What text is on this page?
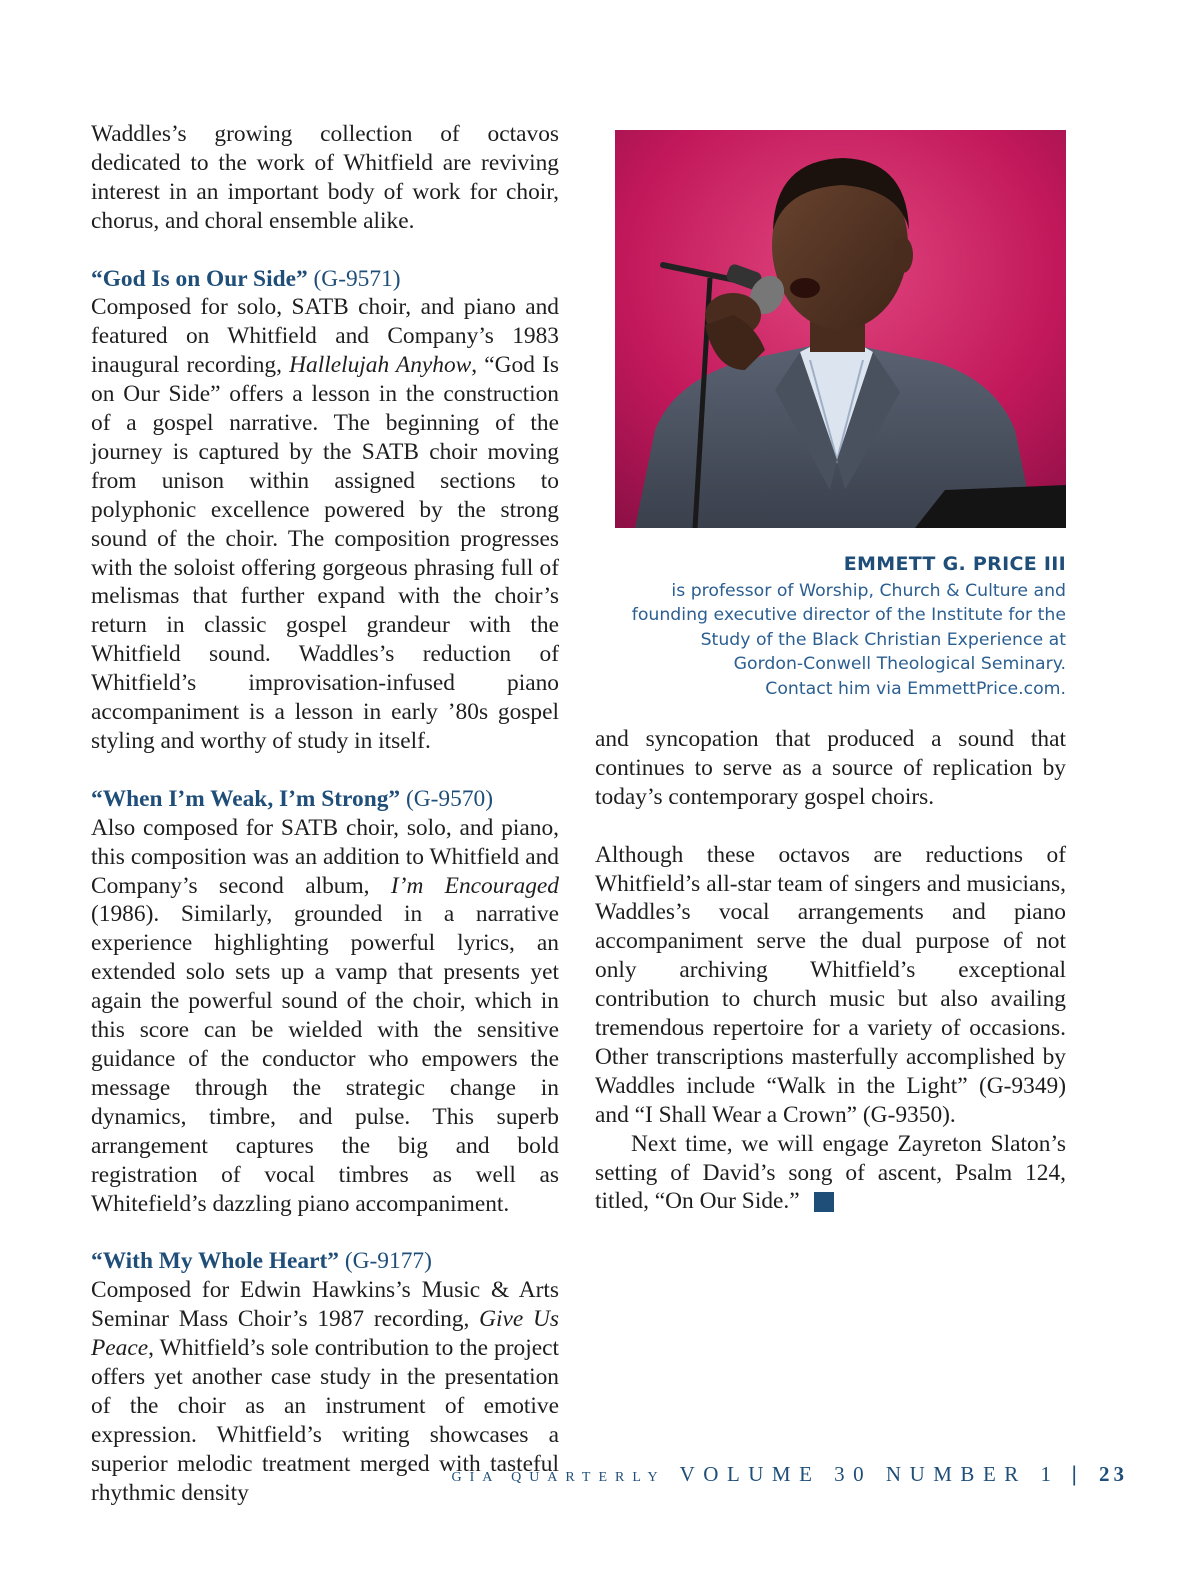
Waddles’s growing collection of octavos dedicated to the work of Whitfield are reviving interest in an important body of work for choir, chorus, and choral ensemble alike.

“God Is on Our Side” (G-9571)

Composed for solo, SATB choir, and piano and featured on Whitfield and Company’s 1983 inaugural recording, Hallelujah Anyhow, “God Is on Our Side” offers a lesson in the construction of a gospel narrative. The beginning of the journey is captured by the SATB choir moving from unison within assigned sections to polyphonic excellence powered by the strong sound of the choir. The composition progresses with the soloist offering gorgeous phrasing full of melismas that further expand with the choir’s return in classic gospel grandeur with the Whitfield sound. Waddles’s reduction of Whitfield’s improvisation-infused piano accompaniment is a lesson in early ’80s gospel styling and worthy of study in itself.

“When I’m Weak, I’m Strong” (G-9570)

Also composed for SATB choir, solo, and piano, this composition was an addition to Whitfield and Company’s second album, I’m Encouraged (1986). Similarly, grounded in a narrative experience highlighting powerful lyrics, an extended solo sets up a vamp that presents yet again the powerful sound of the choir, which in this score can be wielded with the sensitive guidance of the conductor who empowers the message through the strategic change in dynamics, timbre, and pulse. This superb arrangement captures the big and bold registration of vocal timbres as well as Whitefield’s dazzling piano accompaniment.

“With My Whole Heart” (G-9177)

Composed for Edwin Hawkins’s Music & Arts Seminar Mass Choir’s 1987 recording, Give Us Peace, Whitfield’s sole contribution to the project offers yet another case study in the presentation of the choir as an instrument of emotive expression. Whitfield’s writing showcases a superior melodic treatment merged with tasteful rhythmic density

EMMETT G. PRICE III
is professor of Worship, Church & Culture and
founding executive director of the Institute for the
Study of the Black Christian Experience at
Gordon-Conwell Theological Seminary.
Contact him via EmmettPrice.com.

and syncopation that produced a sound that continues to serve as a source of replication by today’s contemporary gospel choirs.

Although these octavos are reductions of Whitfield’s all-star team of singers and musicians, Waddles’s vocal arrangements and piano accompaniment serve the dual purpose of not only archiving Whitfield’s exceptional contribution to church music but also availing tremendous repertoire for a variety of occasions. Other transcriptions masterfully accomplished by Waddles include “Walk in the Light” (G-9349) and “I Shall Wear a Crown” (G-9350).

Next time, we will engage Zayreton Slaton’s setting of David’s song of ascent, Psalm 124, titled, “On Our Side.”

GIA QUARTERLY VOLUME 30 NUMBER 1 | 23
